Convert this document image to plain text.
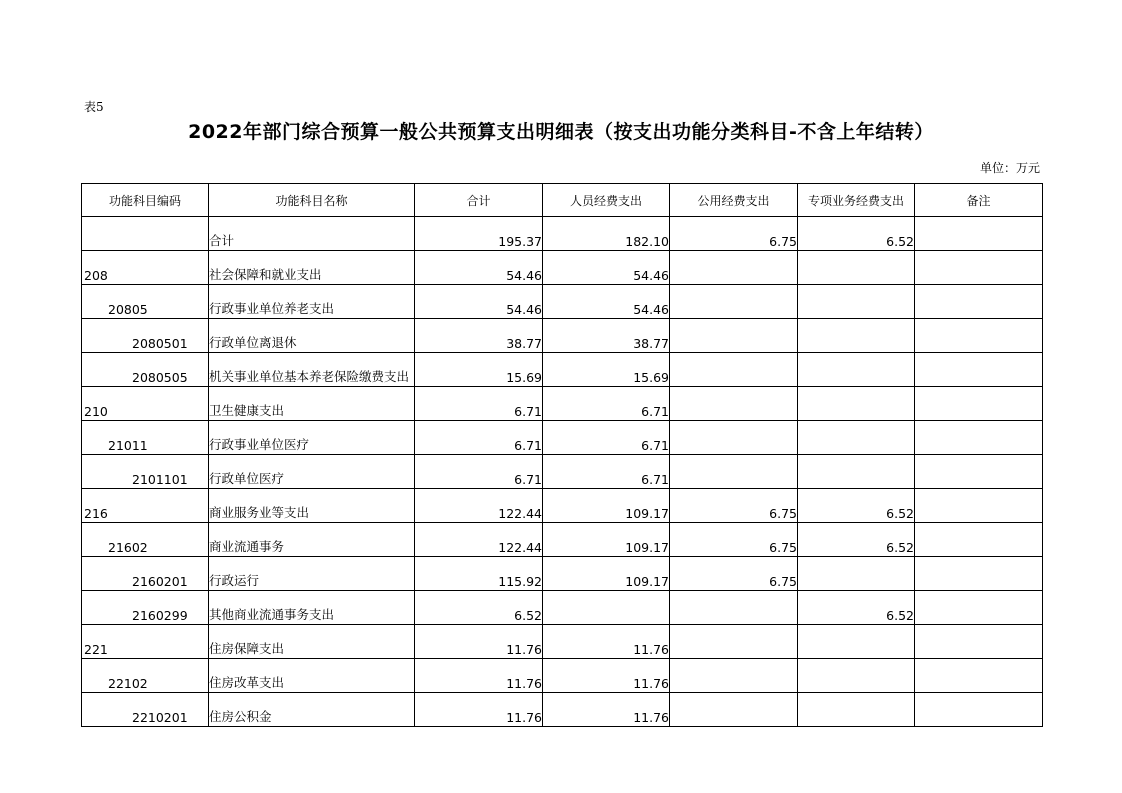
表5
2022年部门综合预算一般公共预算支出明细表（按支出功能分类科目-不含上年结转）
单位：万元
功能科目编码	功能科目名称	合计	人员经费支出	公用经费支出	专项业务经费支出	备注
	合计	195.37	182.10	6.75	6.52	
208	社会保障和就业支出	54.46	54.46			
20805	行政事业单位养老支出	54.46	54.46			
2080501	行政单位离退休	38.77	38.77			
2080505	机关事业单位基本养老保险缴费支出	15.69	15.69			
210	卫生健康支出	6.71	6.71			
21011	行政事业单位医疗	6.71	6.71			
2101101	行政单位医疗	6.71	6.71			
216	商业服务业等支出	122.44	109.17	6.75	6.52	
21602	商业流通事务	122.44	109.17	6.75	6.52	
2160201	行政运行	115.92	109.17	6.75		
2160299	其他商业流通事务支出	6.52			6.52	
221	住房保障支出	11.76	11.76			
22102	住房改革支出	11.76	11.76			
2210201	住房公积金	11.76	11.76			
